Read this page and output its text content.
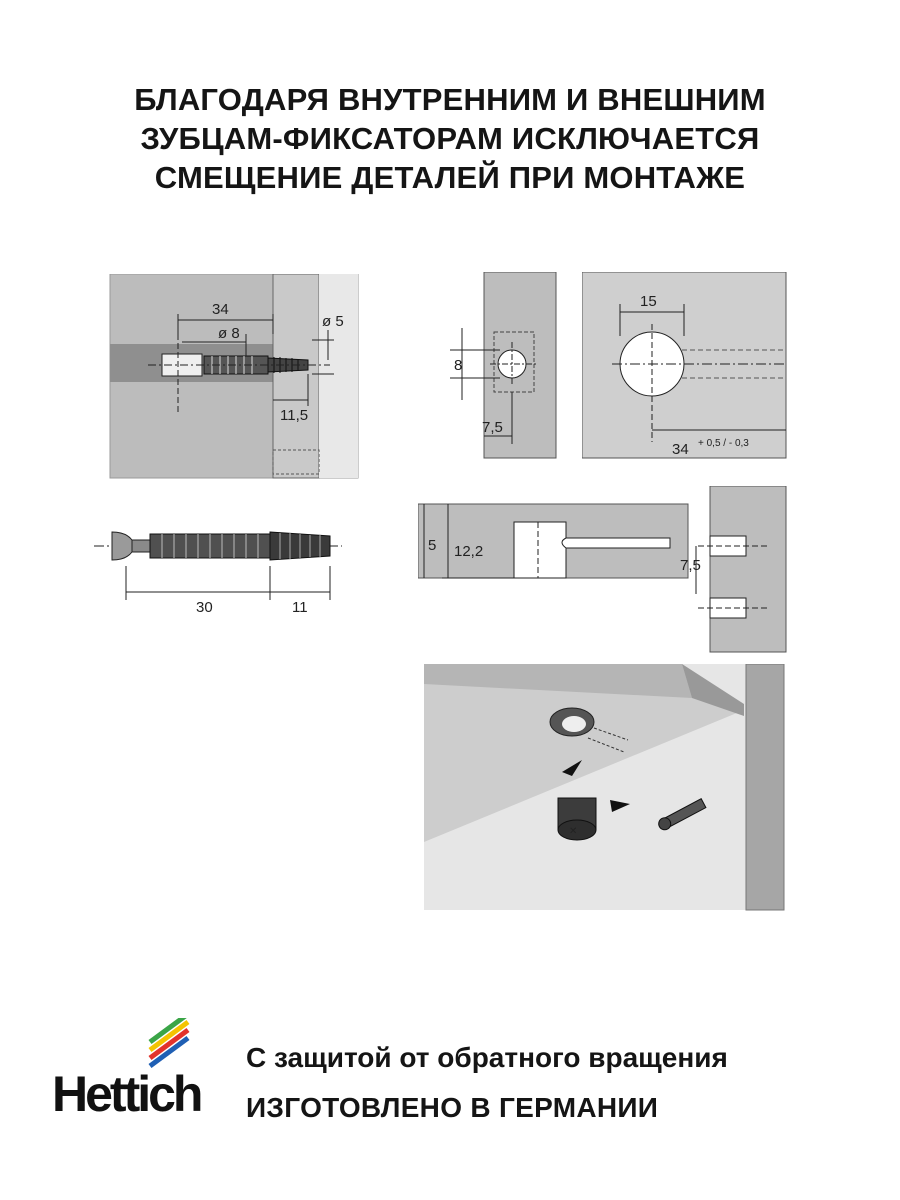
БЛАГОДАРЯ ВНУТРЕННИМ И ВНЕШНИМ
ЗУБЦАМ-ФИКСАТОРАМ ИСКЛЮЧАЕТСЯ
СМЕЩЕНИЕ ДЕТАЛЕЙ ПРИ МОНТАЖЕ
34
ø 8
ø 5
11,5
30	11
8
7,5
15
34 + 0,5 / - 0,3
5 12,2
7,5
✕
Hettich
С защитой от обратного вращения
ИЗГОТОВЛЕНО В ГЕРМАНИИ
